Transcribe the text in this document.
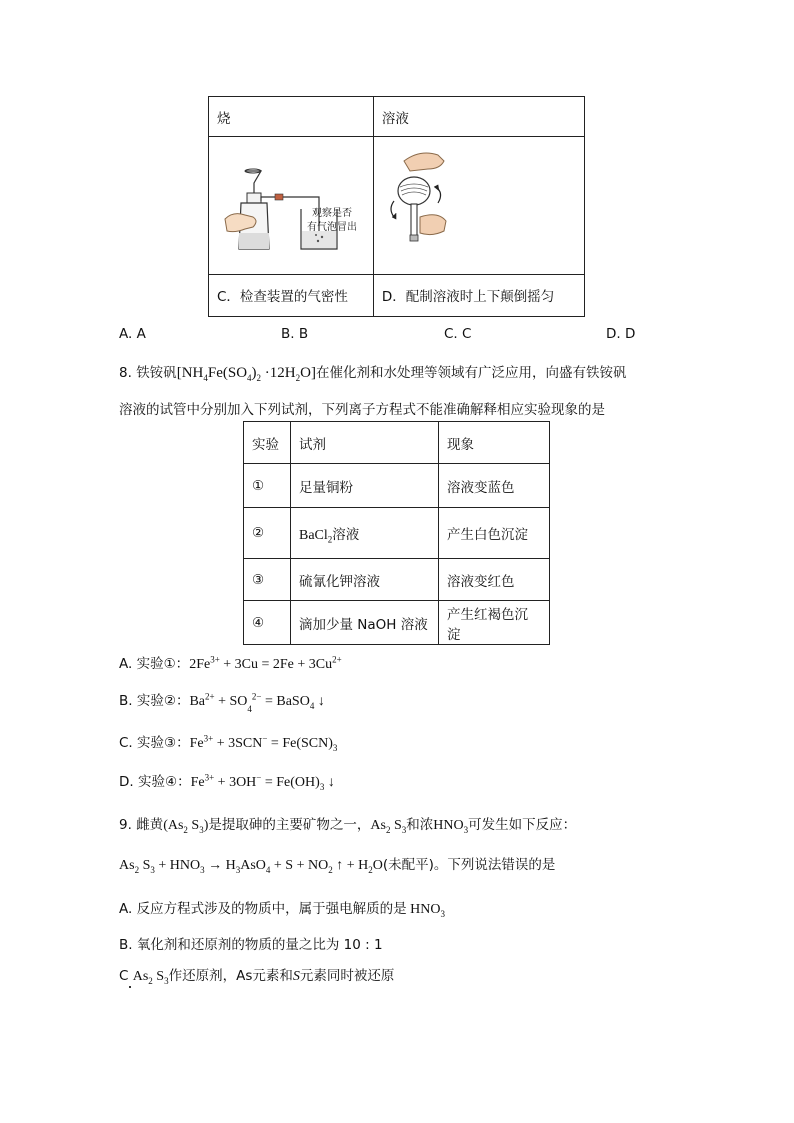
烧	溶液

观察是否
有气泡冒出

C．检查装置的气密性	D．配制溶液时上下颠倒摇匀
A. A	B. B	C. C	D. D
8. 铁铵矾$[NH_4Fe(SO_4)_2 \cdot 12H_2O]$在催化剂和水处理等领域有广泛应用，向盛有铁铵矾
溶液的试管中分别加入下列试剂，下列离子方程式不能准确解释相应实验现象的是
实验	试剂	现象
①	足量铜粉	溶液变蓝色
②	BaCl$_2$溶液	产生白色沉淀
③	硫氰化钾溶液	溶液变红色
④	滴加少量 NaOH 溶液	产生红褐色沉淀
A. 实验①：$2Fe^{3+} + 3Cu = 2Fe + 3Cu^{2+}$
B. 实验②：$Ba^{2+} + SO_4^{2-}$ = BaSO$_4$ ↓
C. 实验③：$Fe^{3+} + 3SCN^- = Fe(SCN)_3$
D. 实验④：$Fe^{3+} + 3OH^- = Fe(OH)_3$ ↓
9. 雌黄($As_2$ $S_3$)是提取砷的主要矿物之一，$As_2$ $S_3$和浓$HNO_3$可发生如下反应：
$As_2$ $S_3 + HNO_3 \to H_3AsO_4 + S + NO_2$ ↑ + $H_2O$(未配平)。下列说法错误的是
A. 反应方程式涉及的物质中，属于强电解质的是 $HNO_3$
B. 氧化剂和还原剂的物质的量之比为 10 : 1
C $As_2$ $S_3$作还原剂，As元素和S元素同时被还原
